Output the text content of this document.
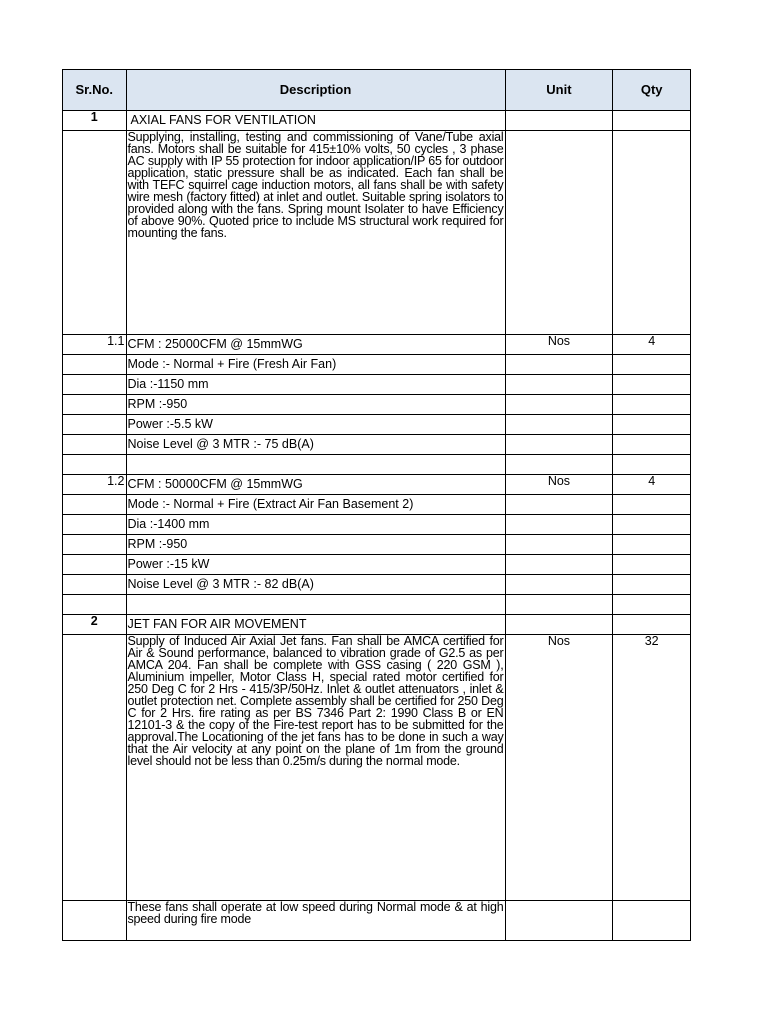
Sr.No.	Description	Unit	Qty
1	AXIAL FANS FOR VENTILATION		
	Supplying, installing, testing and commissioning of Vane/Tube axial fans. Motors shall be suitable for 415±10% volts, 50 cycles , 3 phase AC supply with IP 55 protection for indoor application/IP 65 for outdoor application, static pressure shall be as indicated. Each fan shall be with TEFC squirrel cage induction motors, all fans shall be with safety wire mesh (factory fitted) at inlet and outlet. Suitable spring isolators to provided along with the fans. Spring mount Isolater to have Efficiency of above 90%. Quoted price to include MS structural work required for mounting the fans.		
1.1	CFM : 25000CFM @ 15mmWG	Nos	4
	Mode :- Normal + Fire (Fresh Air Fan)		
	Dia :-1150 mm		
	RPM :-950		
	Power :-5.5 kW		
	Noise Level @ 3 MTR :- 75 dB(A)		

1.2	CFM : 50000CFM @ 15mmWG	Nos	4
	Mode :- Normal + Fire (Extract Air Fan Basement 2)		
	Dia :-1400 mm		
	RPM :-950		
	Power :-15 kW		
	Noise Level @ 3 MTR :- 82 dB(A)		

2	JET FAN FOR AIR MOVEMENT		
	Supply of Induced Air Axial Jet fans. Fan shall be AMCA certified for Air & Sound performance, balanced to vibration grade of G2.5 as per AMCA 204. Fan shall be complete with GSS casing ( 220 GSM ), Aluminium impeller, Motor Class H, special rated motor certified for 250 Deg C for 2 Hrs - 415/3P/50Hz. Inlet & outlet attenuators , inlet & outlet protection net. Complete assembly shall be certified for 250 Deg C for 2 Hrs. fire rating as per BS 7346 Part 2: 1990 Class B or EN 12101-3 & the copy of the Fire-test report has to be submitted for the approval.The Locationing of the jet fans has to be done in such a way that the Air velocity at any point on the plane of 1m from the ground level should not be less than 0.25m/s during the normal mode.	Nos	32
	These fans shall operate at low speed during Normal mode & at high speed during fire mode		
